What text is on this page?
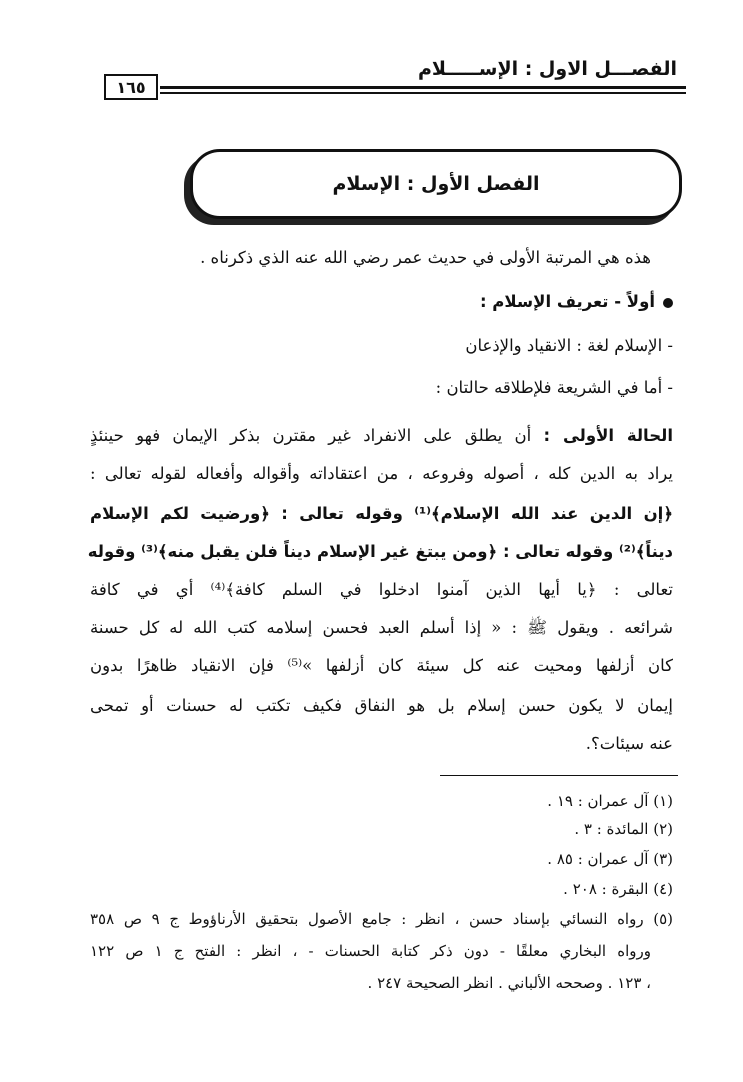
الفصـــل الاول : الإســـــلام
١٦٥
الفصل الأول : الإسلام
هذه هي المرتبة الأولى في حديث عمر رضي الله عنه الذي ذكرناه .
أولاً - تعريف الإسلام :
- الإسلام لغة : الانقياد والإذعان
- أما في الشريعة فلإطلاقه حالتان :
الحالة الأولى : أن يطلق على الانفراد غير مقترن بذكر الإيمان فهو حينئذٍ
يراد به الدين كله ، أصوله وفروعه ، من اعتقاداته وأقواله وأفعاله لقوله تعالى :
﴿إن الدين عند الله الإسلام﴾⁽¹⁾ وقوله تعالى : ﴿ورضيت لكم الإسلام
ديناً﴾⁽²⁾ وقوله تعالى : ﴿ومن يبتغ غير الإسلام ديناً فلن يقبل منه﴾⁽³⁾ وقوله
تعالى : ﴿يا أيها الذين آمنوا ادخلوا في السلم كافة﴾⁽⁴⁾ أي في كافة
شرائعه . ويقول ﷺ : « إذا أسلم العبد فحسن إسلامه كتب الله له كل حسنة
كان أزلفها ومحيت عنه كل سيئة كان أزلفها »⁽⁵⁾ فإن الانقياد ظاهرًا بدون
إيمان لا يكون حسن إسلام بل هو النفاق فكيف تكتب له حسنات أو تمحى
عنه سيئات؟.
(١) آل عمران : ١٩ .
(٢) المائدة : ٣ .
(٣) آل عمران : ٨٥ .
(٤) البقرة : ٢٠٨ .
(٥) رواه النسائي بإسناد حسن ، انظر : جامع الأصول بتحقيق الأرناؤوط ج ٩ ص ٣٥٨
ورواه البخاري معلقًا - دون ذكر كتابة الحسنات - ، انظر : الفتح ج ١ ص ١٢٢
، ١٢٣ . وصححه الألباني . انظر الصحيحة ٢٤٧ .
